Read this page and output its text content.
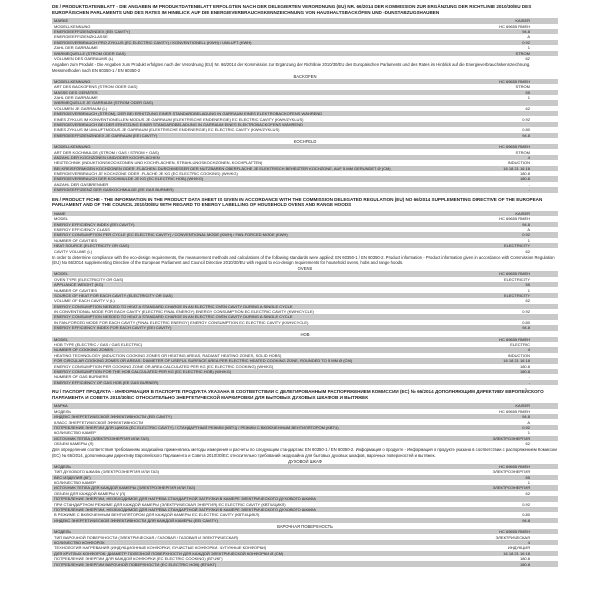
DE / PRODUKTDATENBLATT - DIE ANGABEN IM PRODUKTDATENBLATT ERFOLGTEN NACH DER DELEGIERTEN VERORDNUNG (EU) NR. 66/2014 DER KOMMISSION ZUR ERGÄNZUNG DER RICHTLINIE 2010/30/EU DES EUROPÄISCHEN PARLAMENTS UND DES RATES IM HINBLICK AUF DIE ENERGIEVERBRAUCHSKENNZEICHNUNG VON HAUSHALTSBACKÖFEN UND -DUNSTABZUGSHAUBEN
MARKE	KAISER
MODELLKENNUNG	HC 69655 RMEH
ENERGIEEFFIZIENZINDEX (EEI CAVITY)	94.8
ENERGIEEFFIZIENZKLASSE	A
ENERGIEVERBRAUCH PRO ZYKLUS (EC ELECTRIC CAVITY) / KONVENTIONELL (KWH) / UMLUFT (KWH)	0.92
ZAHL DER GARRÄUME	1
WÄRMEQUELLE (STROM ODER GAS)	STROM
VOLUMEN DES GARRAUMS (L)	62
Angaben zum Produkt - Die Angaben zum Produkt erfolgten nach der Verordnung (EU) Nr. 66/2014 der Kommission zur Ergänzung der Richtlinie 2010/30/EU des Europäischen Parlaments und des Rates im Hinblick auf die Energieverbrauchskennzeichnung. Messmethoden nach EN 60350-1 / EN 60350-2
BACKOFEN
MODELLKENNUNG	HC 69655 RMEH
ART DES BACKOFENS (STROM ODER GAS)	STROM
MASSE DES GERÄTES	55
ZAHL DER GARRÄUME	1
WÄRMEQUELLE JE GARRAUM (STROM ODER GAS)	
VOLUMEN JE GARRAUM (L)	62
ENERGIEVERBRAUCH (STROM), DER BEI ERHITZUNG EINER STANDARDBELADUNG IN GARRAUM EINES ELEKTROBACKOFENS WÄHREND	
EINES ZYKLUS IM KONVENTIONELLEN MODUS JE GARRAUM (ELEKTRISCHE ENDENERGIE) EC ELECTRIC CAVITY (KWH/ZYKLUS)	0.92
ENERGIEVERBRAUCH BEI DER ERHITZUNG EINER STANDARDBELADUNG IN GARRAUM EINES ELEKTROBACKOFENS WÄHREND	
EINES ZYKLUS IM UMLUFTMODUS JE GARRAUM (ELEKTRISCHE ENDENERGIE) EC ELECTRIC CAVITY (KWH/ZYKLUS)	0.80
ENERGIEEFFIZIENZINDEX JE GARRAUM (EEI CAVITY)	94.8
KOCHFELD
MODELLKENNUNG	HC 69655 RMEH
ART DER KOCHMULDE (STROM / GAS / STROM + GAS)	STROM
ANZAHL DER KOCHZONEN UND/ODER KOCHFLÄCHEN	4
HEIZTECHNIK (INDUKTIONSKOCHZONEN UND KOCHFLÄCHEN, STRAHLUNGSKOCHZONEN, KOCHPLATTEN)	INDUCTION
BEI KREISFÖRMIGEN KOCHZONEN ODER -FLÄCHEN: DURCHMESSER DER NUTZBAREN OBERFLÄCHE JE ELEKTRISCH BEHEIZTER KOCHZONE, AUF 5 MM GERUNDET Ø (CM)	16 18 21 16 18
ENERGIEVERBRAUCH JE KOCHZONE ODER -FLÄCHE JE KG (EC ELECTRIC COOKING) (WH/KG)	180.8
ENERGIEVERBRAUCH DER KOCHMULDE JE KG (EC ELECTRIC HOB) (WH/KG)	180.8
ANZAHL DER GASBRENNER	-
ENERGIEEFFIZIENZ DER GASKOCHMULDE (EE GAS BURNER)	-
EN / PRODUCT FICHE - THE INFORMATION IN THE PRODUCT DATA SHEET IS GIVEN IN ACCORDANCE WITH THE COMMISSION DELEGATED REGULATION (EU) NO 66/2014 SUPPLEMENTING DIRECTIVE OF THE EUROPEAN PARLIAMENT AND OF THE COUNCIL 2010/30/EU WITH REGARD TO ENERGY LABELLING OF HOUSEHOLD OVENS AND RANGE HOODS
NAME	KAISER
MODEL	HC 69655 RMEH
ENERGY EFFICIENCY INDEX (EEI CAVITY)	94.8
ENERGY EFFICIENCY CLASS	A
ENERGY CONSUMPTION PER CYCLE (EC ELECTRIC CAVITY) / CONVENTIONAL MODE (KWH) / FAN-FORCED MODE (KWH)	0.92
NUMBER OF CAVITIES	1
HEAT SOURCE (ELECTRICITY OR GAS)	ELECTRICITY
CAVITY VOLUME (L)	62
In order to determine compliance with the eco-design requirements, the measurement methods and calculations of the following standards were applied: EN 60350-1 / EN 60350-2. Product information - Product information given in accordance with Commission Regulation (EU) No 66/2014 supplementing Directive of the European Parliament and Council Directive 2010/30/EU with regard to eco-design requirements for household ovens, hobs and range hoods.
OVENS
MODEL	HC 69655 RMEH
OVEN TYPE (ELECTRICITY OR GAS)	ELECTRICITY
APPLIANCE WEIGHT (KG)	55
NUMBER OF CAVITIES	1
SOURCE OF HEAT FOR EACH CAVITY (ELECTRICITY OR GAS)	ELECTRICITY
VOLUME OF EACH CAVITY V (L)	62
ENERGY CONSUMPTION NEEDED TO HEAT A STANDARD CHARGE IN AN ELECTRIC OVEN CAVITY DURING A SINGLE CYCLE	
IN CONVENTIONAL MODE FOR EACH CAVITY (ELECTRIC FINAL ENERGY) ENERGY CONSUMPTION EC ELECTRIC CAVITY (KWH/CYCLE)	0.92
ENERGY CONSUMPTION NEEDED TO HEAT A STANDARD CHARGE IN AN ELECTRIC OVEN CAVITY DURING A SINGLE CYCLE	
IN FAN-FORCED MODE FOR EACH CAVITY (FINAL ELECTRIC ENERGY) ENERGY CONSUMPTION EC ELECTRIC CAVITY (KWH/CYCLE)	0.80
ENERGY EFFICIENCY INDEX FOR EACH CAVITY (EEI CAVITY)	94.8
HOB
MODEL	HC 69655 RMEH
HOB TYPE (ELECTRIC / GAS / GAS ELECTRIC)	ELECTRIC
NUMBER OF COOKING ZONES	4
HEATING TECHNOLOGY (INDUCTION COOKING ZONES OR HEATING AREAS, RADIANT HEATING ZONES, SOLID HOBS)	INDUCTION
FOR CIRCULAR COOKING ZONES OR AREAS: DIAMETER OF USEFUL SURFACE AREA PER ELECTRIC HEATED COOKING ZONE, ROUNDED TO 5 MM Ø (CM)	16 18 21 16 18
ENERGY CONSUMPTION PER COOKING ZONE OR AREA CALCULATED PER KG (EC ELECTRIC COOKING) (WH/KG)	180.8
ENERGY CONSUMPTION FOR THE HOB CALCULATED PER KG (EC ELECTRIC HOB) (WH/KG)	180.8
NUMBER OF GAS BURNERS	-
ENERGY EFFICIENCY OF GAS HOB (EE GAS BURNER)	-
RU / ПАСПОРТ ПРОДУКТА - ИНФОРМАЦИЯ В ПАСПОРТЕ ПРОДУКТА УКАЗАНА В СООТВЕТСТВИИ С ДЕЛЕГИРОВАННЫМ РАСПОРЯЖЕНИЕМ КОМИССИИ (ЕС) № 66/2014 ДОПОЛНЯЮЩИМ ДИРЕКТИВУ ЕВРОПЕЙСКОГО ПАРЛАМЕНТА И СОВЕТА 2010/30/ЕС ОТНОСИТЕЛЬНО ЭНЕРГЕТИЧЕСКОЙ МАРКИРОВКИ ДЛЯ БЫТОВЫХ ДУХОВЫХ ШКАФОВ И ВЫТЯЖЕК
МАРКА	KAISER
МОДЕЛЬ	HC 69655 RMEH
ИНДЕКС ЭНЕРГЕТИЧЕСКОЙ ЭФФЕКТИВНОСТИ (EEI CAVITY)	94.8
КЛАСС ЭНЕРГЕТИЧЕСКОЙ ЭФФЕКТИВНОСТИ	A
ПОТРЕБЛЕНИЕ ЭНЕРГИИ ДЛЯ ЦИКЛА (EC ELECTRIC CAVITY) / СТАНДАРТНЫЙ РЕЖИМ (КВТЧ) / РЕЖИМ С ВКЛЮЧЕННЫМ ВЕНТИЛЯТОРОМ (КВТЧ)	0.92
КОЛИЧЕСТВО КАМЕР	1
ИСТОЧНИК ТЕПЛА (ЭЛЕКТРОЭНЕРГИЯ ИЛИ ГАЗ)	ЭЛЕКТРОЭНЕРГИЯ
ОБЪЕМ КАМЕРЫ (Л)	62
Для определения соответствия требованиям экодизайна применялись методы измерения и расчеты по следующим стандартам: EN 60350-1 / EN 60350-2. Информация о продукте - Информация о продукте указана в соответствии с распоряжением Комиссии (ЕС) № 66/2014, дополняющим директиву Европейского Парламента и Совета 2010/30/ЕС относительно требований экодизайна для бытовых духовых шкафов, варочных поверхностей и вытяжек.
ДУХОВОЙ ШКАФ
МОДЕЛЬ	HC 69655 RMEH
ТИП ДУХОВОГО ШКАФА (ЭЛЕКТРОЭНЕРГИЯ ИЛИ ГАЗ)	ЭЛЕКТРОЭНЕРГИЯ
ВЕС ИЗДЕЛИЯ (КГ)	55
КОЛИЧЕСТВО КАМЕР	1
ИСТОЧНИК ТЕПЛА ДЛЯ КАЖДОЙ КАМЕРЫ (ЭЛЕКТРОЭНЕРГИЯ ИЛИ ГАЗ)	ЭЛЕКТРОЭНЕРГИЯ
ОБЪЕМ ДЛЯ КАЖДОЙ КАМЕРЫ V (Л)	62
ПОТРЕБЛЕНИЕ ЭНЕРГИИ, НЕОБХОДИМОЕ ДЛЯ НАГРЕВА СТАНДАРТНОЙ ЗАГРУЗКИ В КАМЕРЕ ЭЛЕКТРИЧЕСКОГО ДУХОВОГО ШКАФА	
ПРИ СТАНДАРТНОМ РЕЖИМЕ ДЛЯ КАЖДОЙ КАМЕРЫ (ЭЛЕКТРИЧЕСКАЯ ЭНЕРГИЯ) EC ELECTRIC CAVITY (КВТЧ/ЦИКЛ)	0.92
ПОТРЕБЛЕНИЕ ЭНЕРГИИ, НЕОБХОДИМОЕ ДЛЯ НАГРЕВА СТАНДАРТНОЙ ЗАГРУЗКИ В КАМЕРЕ ЭЛЕКТРИЧЕСКОГО ДУХОВОГО ШКАФА	
В РЕЖИМЕ С ВКЛЮЧЕННЫМ ВЕНТИЛЯТОРОМ ДЛЯ КАЖДОЙ КАМЕРЫ EC ELECTRIC CAVITY (КВТЧ/ЦИКЛ)	0.80
ИНДЕКС ЭНЕРГЕТИЧЕСКОЙ ЭФФЕКТИВНОСТИ ДЛЯ КАЖДОЙ КАМЕРЫ (EEI CAVITY)	94.8
ВАРОЧНАЯ ПОВЕРХНОСТЬ
МОДЕЛЬ	HC 69655 RMEH
ТИП ВАРОЧНОЙ ПОВЕРХНОСТИ (ЭЛЕКТРИЧЕСКАЯ / ГАЗОВАЯ / ГАЗОВАЯ И ЭЛЕКТРИЧЕСКАЯ)	ЭЛЕКТРИЧЕСКАЯ
КОЛИЧЕСТВО КОНФОРОК	4
ТЕХНОЛОГИЯ НАГРЕВАНИЯ (ИНДУКЦИОННЫЕ КОНФОРКИ, ЛУЧИСТЫЕ КОНФОРКИ, ЧУГУННЫЕ КОНФОРКИ)	ИНДУКЦИЯ
ДЛЯ КРУГЛЫХ КОНФОРОК: ДИАМЕТР ПОЛЕЗНОЙ ПОВЕРХНОСТИ ДЛЯ КАЖДОЙ ЭЛЕКТРИЧЕСКОЙ КОНФОРКИ Ø (СМ)	16 18 21 16 18
ПОТРЕБЛЕНИЕ ЭНЕРГИИ ДЛЯ КАЖДОЙ КОНФОРКИ (EC ELECTRIC COOKING) (ВТЧ/КГ)	180.8
ПОТРЕБЛЕНИЕ ЭНЕРГИИ ВАРОЧНОЙ ПОВЕРХНОСТИ (EC ELECTRIC HOB) (ВТЧ/КГ)	180.8
